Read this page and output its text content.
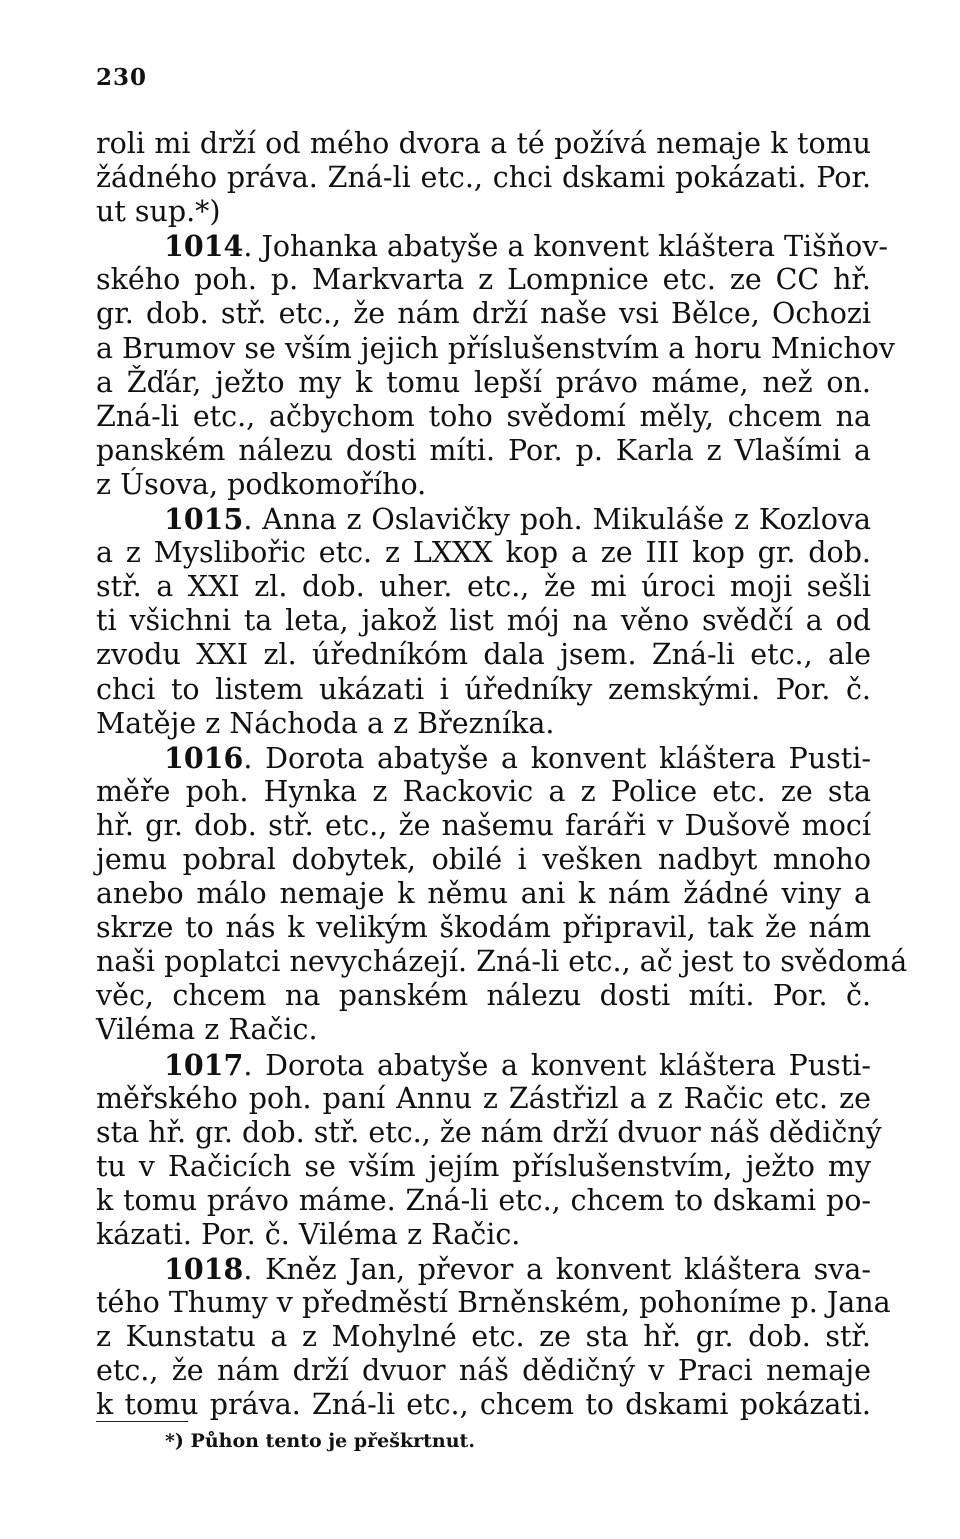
230
roli mi drží od mého dvora a té požívá nemaje k tomu
žádného práva. Zná-li etc., chci dskami pokázati. Por.
ut sup.*)
1014. Johanka abatyše a konvent kláštera Tišňov-
ského poh. p. Markvarta z Lompnice etc. ze CC hř.
gr. dob. stř. etc., že nám drží naše vsi Bělce, Ochozi
a Brumov se vším jejich příslušenstvím a horu Mnichov
a Žďár, ježto my k tomu lepší právo máme, než on.
Zná-li etc., ačbychom toho svědomí měly, chcem na
panském nálezu dosti míti. Por. p. Karla z Vlašími a
z Úsova, podkomořího.
1015. Anna z Oslavičky poh. Mikuláše z Kozlova
a z Myslibořic etc. z LXXX kop a ze III kop gr. dob.
stř. a XXI zl. dob. uher. etc., že mi úroci moji sešli
ti všichni ta leta, jakož list mój na věno svědčí a od
zvodu XXI zl. úředníkóm dala jsem. Zná-li etc., ale
chci to listem ukázati i úředníky zemskými. Por. č.
Matěje z Náchoda a z Březníka.
1016. Dorota abatyše a konvent kláštera Pusti-
měře poh. Hynka z Rackovic a z Police etc. ze sta
hř. gr. dob. stř. etc., že našemu faráři v Dušově mocí
jemu pobral dobytek, obilé i vešken nadbyt mnoho
anebo málo nemaje k němu ani k nám žádné viny a
skrze to nás k velikým škodám připravil, tak že nám
naši poplatci nevycházejí. Zná-li etc., ač jest to svědomá
věc, chcem na panském nálezu dosti míti. Por. č.
Viléma z Račic.
1017. Dorota abatyše a konvent kláštera Pusti-
měřského poh. paní Annu z Zástřizl a z Račic etc. ze
sta hř. gr. dob. stř. etc., že nám drží dvuor náš dědičný
tu v Račicích se vším jejím příslušenstvím, ježto my
k tomu právo máme. Zná-li etc., chcem to dskami po-
kázati. Por. č. Viléma z Račic.
1018. Kněz Jan, převor a konvent kláštera sva-
tého Thumy v předměstí Brněnském, pohoníme p. Jana
z Kunstatu a z Mohylné etc. ze sta hř. gr. dob. stř.
etc., že nám drží dvuor náš dědičný v Praci nemaje
k tomu práva. Zná-li etc., chcem to dskami pokázati.
*) Půhon tento je přeškrtnut.
